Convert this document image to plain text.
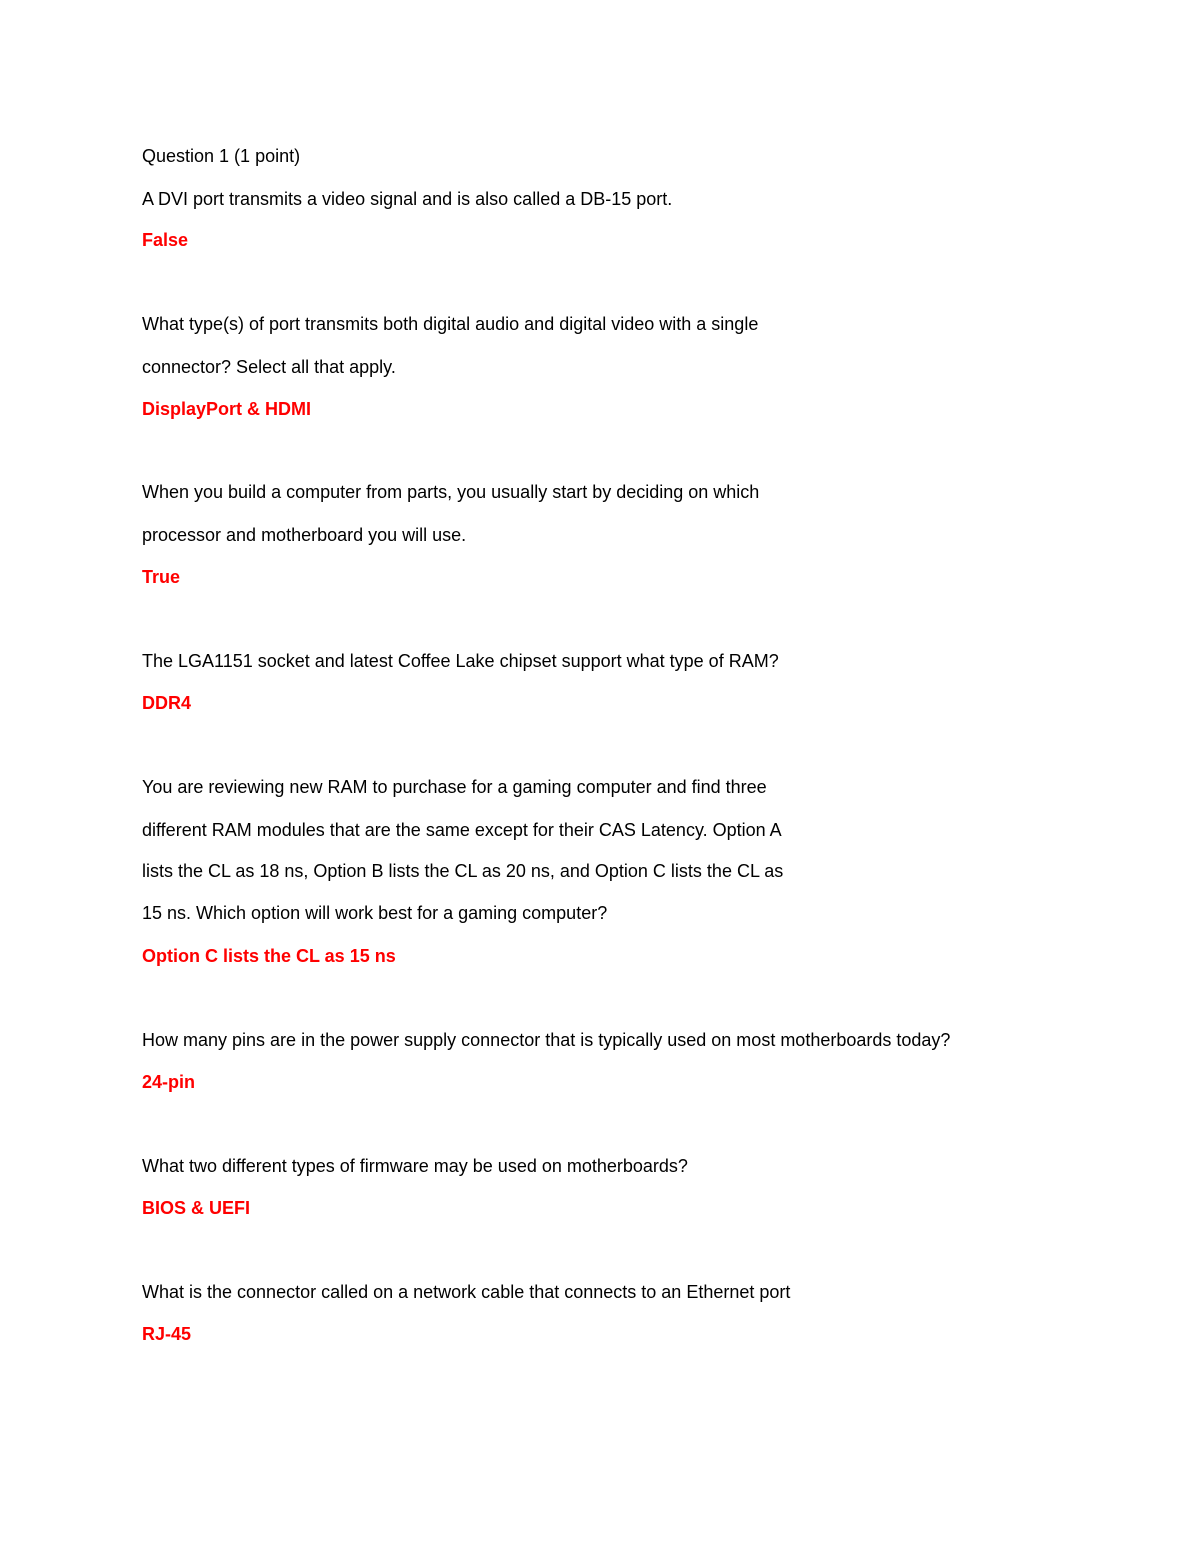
Question 1 (1 point)

A DVI port transmits a video signal and is also called a DB-15 port.

False

What type(s) of port transmits both digital audio and digital video with a single

connector? Select all that apply.

DisplayPort & HDMI

When you build a computer from parts, you usually start by deciding on which

processor and motherboard you will use.

True

The LGA1151 socket and latest Coffee Lake chipset support what type of RAM?

DDR4

You are reviewing new RAM to purchase for a gaming computer and find three

different RAM modules that are the same except for their CAS Latency. Option A

lists the CL as 18 ns, Option B lists the CL as 20 ns, and Option C lists the CL as

15 ns. Which option will work best for a gaming computer?

Option C lists the CL as 15 ns

How many pins are in the power supply connector that is typically used on most motherboards today?

24-pin

What two different types of firmware may be used on motherboards?

BIOS & UEFI

What is the connector called on a network cable that connects to an Ethernet port

RJ-45
